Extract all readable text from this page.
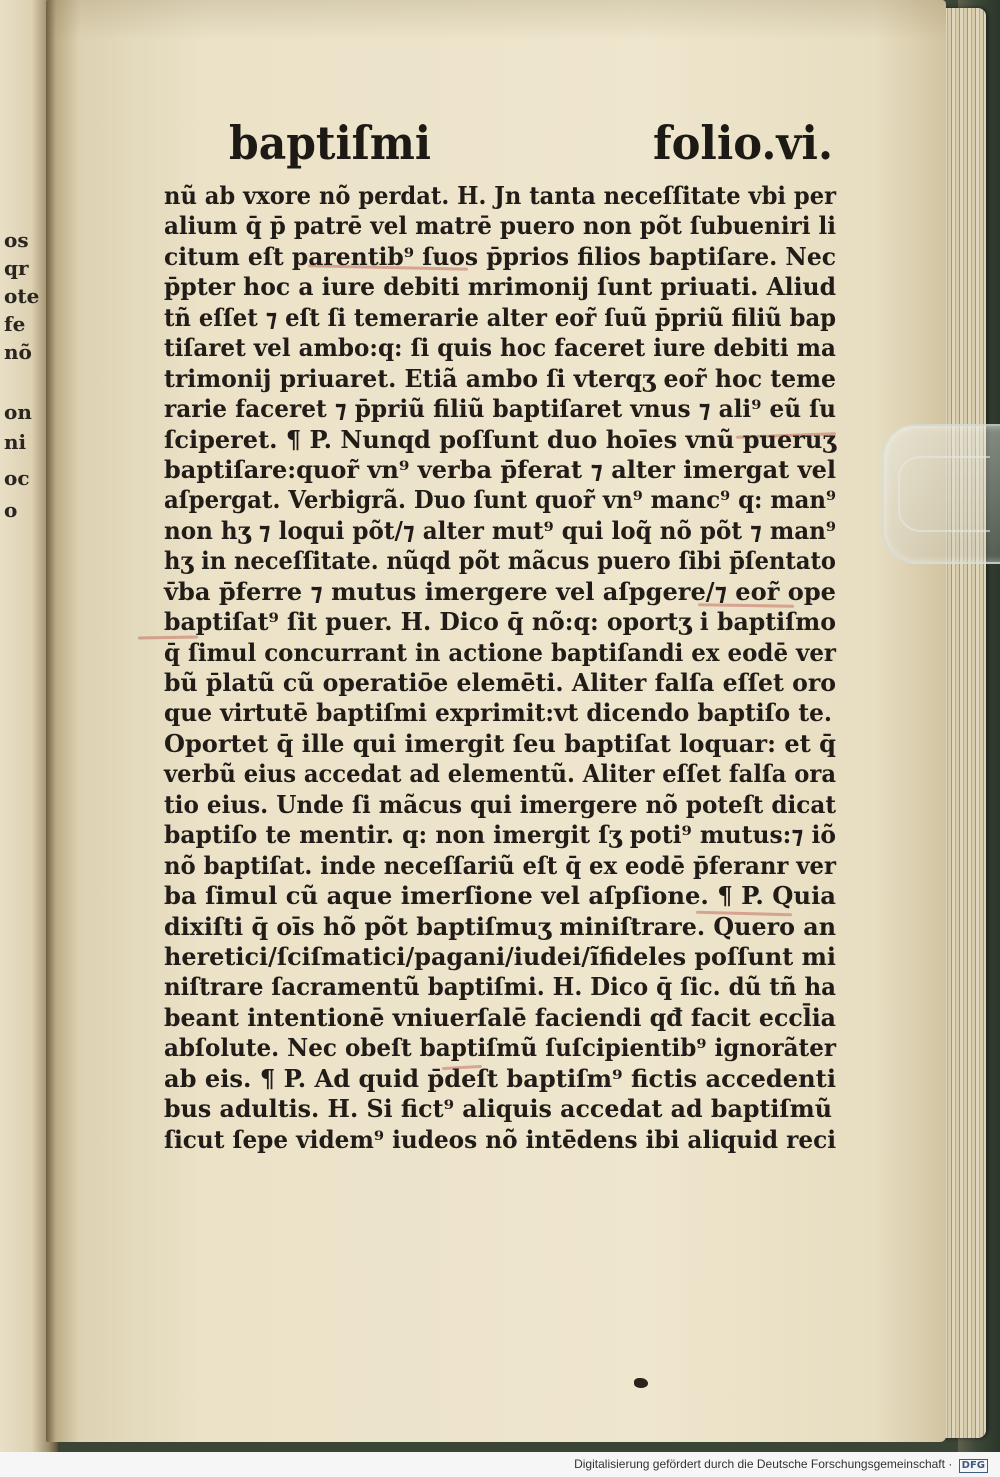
os
qr
ote
fe
nõ
on
ni
oc
o
baptiſmi	folio.vi.
nũ ab vxore nõ perdat. H. Jn tanta neceſſitate vbi per
alium q̄ p̄ patrē vel matrē puero non põt ſubueniri li
citum eſt parentib⁹ ſuos p̄prios filios baptiſare. Nec
p̄pter hoc a iure debiti mrimonij ſunt priuati. Aliud
tñ eſſet ⁊ eſt ſi temerarie alter eor̃ ſuũ p̄priũ filiũ bap
tiſaret vel ambo:q: ſi quis hoc faceret iure debiti ma
trimonij priuaret. Etiã ambo ſi vterqʒ eor̃ hoc teme
rarie faceret ⁊ p̄priũ filiũ baptiſaret vnus ⁊ ali⁹ eũ ſu
ſciperet. ¶ P. Nunqd poſſunt duo hoīes vnũ pueruʒ
baptiſare:quor̃ vn⁹ verba p̄ferat ⁊ alter imergat vel
aſpergat. Verbigrã. Duo ſunt quor̃ vn⁹ manc⁹ q: man⁹
non hʒ ⁊ loqui põt/⁊ alter mut⁹ qui loq̃ nõ põt ⁊ man⁹
hʒ in neceſſitate. nũqd põt mãcus puero ſibi p̄ſentato
v̄ba p̄ferre ⁊ mutus imergere vel aſpgere/⁊ eor̃ ope
baptiſat⁹ ſit puer. H. Dico q̄ nõ:q: oportʒ i baptiſmo
q̄ ſimul concurrant in actione baptiſandi ex eodē ver
bũ p̄latũ cũ operatiōe elemēti. Aliter falſa eſſet oro
que virtutē baptiſmi exprimit:vt dicendo baptiſo te.
Oportet q̄ ille qui imergit ſeu baptiſat loquar: et q̄
verbũ eius accedat ad elementũ. Aliter eſſet falſa ora
tio eius. Unde ſi mãcus qui imergere nõ poteſt dicat
baptiſo te mentir. q: non imergit ſʒ poti⁹ mutus:⁊ iõ
nõ baptiſat. inde neceſſariũ eſt q̄ ex eodē p̄feranr ver
ba ſimul cũ aque imerſione vel aſpſione. ¶ P. Quia
dixiſti q̄ oīs hõ põt baptiſmuʒ miniſtrare. Quero an
heretici/ſciſmatici/pagani/iudei/ĩfideles poſſunt mi
niſtrare ſacramentũ baptiſmi. H. Dico q̄ ſic. dũ tñ ha
beant intentionē vniuerſalē faciendi qđ facit eccl̄ia
abſolute. Nec obeſt baptiſmũ ſuſcipientib⁹ ignorãter
ab eis. ¶ P. Ad quid p̄deſt baptiſm⁹ fictis accedenti
bus adultis. H. Si fict⁹ aliquis accedat ad baptiſmũ
ſicut ſepe videm⁹ iudeos nõ intēdens ibi aliquid reci
Digitalisierung gefördert durch die Deutsche Forschungsgemeinschaft · DFG
